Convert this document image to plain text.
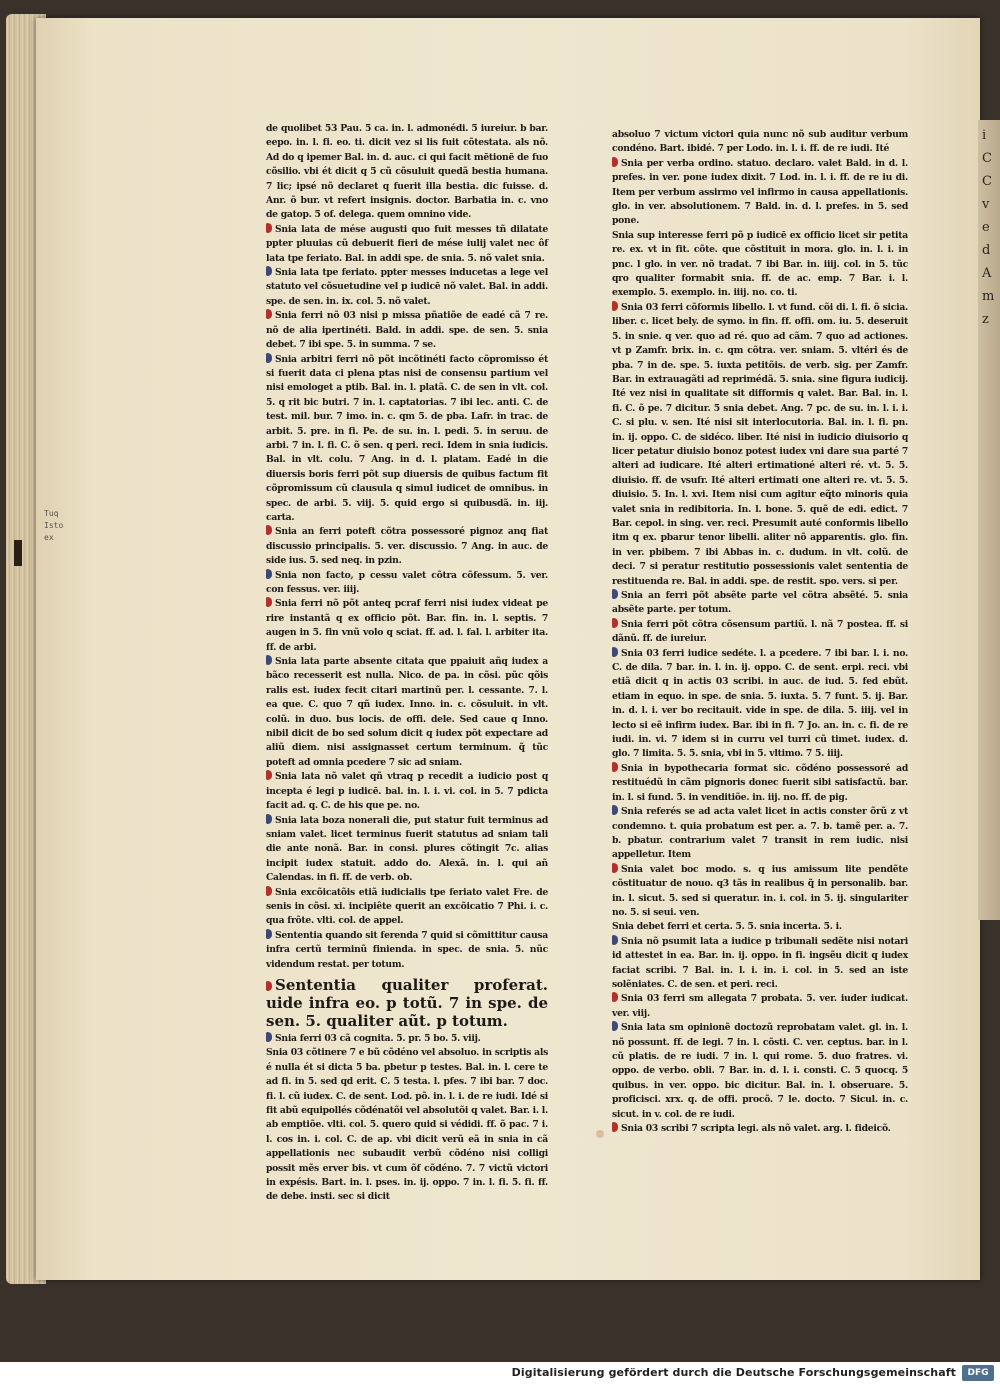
i
C
C
v
e
d
A
m
z
Tuq
Isto ex

de quolibet 53 Pau. 5 ca. in. l. admonédi. 5 iureiur. b bar. eepo. in. l. fi. eo. ti. dicit vez si lis fuit cõtestata. als nõ. Ad do q ipemer Bal. in. d. auc. ci qui facit mētionē de fuo cõsilio. vbi ét dicit q 5 cũ cõsuluit quedã bestia humana. 7 lic; ipsé nõ declaret q fuerit illa bestia. dic fuisse. d. Anr. õ bur. vt refert insignis. doctor. Barbatia in. c. vno de gatop. 5 of. delega. quem omnino vide.

Snia lata de mése augusti quo fuit messes tñ dilatate ppter pluuias cũ debuerit fieri de mése iulij valet nec ôf lata tpe feriato. Bal. in addi spe. de snia. 5. nõ valet snia.

Snia lata tpe feriato. ppter messes inducetas a lege vel statuto vel cõsuetudine vel p iudicē nõ valet. Bal. in addi. spe. de sen. in. ix. col. 5. nõ valet.

Snia ferri nõ 03 nisi p missa pñatiõe de eadé cã 7 re. nõ de alia ipertinéti. Bald. in addi. spe. de sen. 5. snia debet. 7 ibi spe. 5. in summa. 7 se.

Snia arbitri ferri nõ põt incõtinéti facto cõpromisso ét si fuerit data ci plena ptas nisi de consensu partium vel nisi emologet a ptib. Bal. in. l. platã. C. de sen in vlt. col. 5. q rit bic butri. 7 in. l. captatorias. 7 ibi lec. anti. C. de test. mil. bur. 7 imo. in. c. qm 5. de pba. Lafr. in trac. de arbit. 5. pre. in fi. Pe. de su. in. l. pedi. 5. in seruu. de arbi. 7 in. l. fi. C. õ sen. q peri. reci. Idem in snia iudicis. Bal. in vlt. colu. 7 Ang. in d. l. platam. Eadé in die diuersis boris ferri põt sup diuersis de quibus factum fit cõpromissum cũ clausula q simul iudicet de omnibus. in spec. de arbi. 5. viij. 5. quid ergo si quibusdã. in. iij. carta.

Snia an ferri poteft cõtra possessoré pignoz anq fiat discussio principalis. 5. ver. discussio. 7 Ang. in auc. de side ius. 5. sed neq. in pzin.

Snia non facto, p cessu valet cõtra cõfessum. 5. ver. con fessus. ver. iiij.

Snia ferri nõ põt anteq pcraf ferri nisi iudex videat pe rire instantã q ex officio põt. Bar. fin. in. l. septis. 7 augen in 5. fin vnũ volo q sciat. ff. ad. l. fal. l. arbiter ita. ff. de arbi.

Snia lata parte absente citata que ppaiuit añq iudex a bãco recesserit est nulla. Nico. de pa. in cõsi. pũc qõis ralis est. iudex fecit citari martinũ per. l. cessante. 7. l. ea que. C. quo 7 qñ iudex. Inno. in. c. cõsuluit. in vlt. colũ. in duo. bus locis. de offi. dele. Sed caue q Inno. nibil dicit de bo sed solum dicit q iudex põt expectare ad aliũ diem. nisi assignasset certum terminum. q̃ tũc poteft ad omnia pcedere 7 sic ad sniam.

Snia lata nõ valet qñ vtraq p recedit a iudicio post q incepta é legi p iudicē. bal. in. l. i. vi. col. in 5. 7 pdicta facit ad. q. C. de his que pe. no.

Snia lata boza nonerali die, put statur fuit terminus ad sniam valet. licet terminus fuerit statutus ad sniam tali die ante nonã. Bar. in consi. plures cõtingit 7c. alias incipit iudex statuit. addo do. Alexã. in. l. qui añ Calendas. in fi. ff. de verb. ob.

Snia excõicatõis etiã iudicialis tpe feriato valet Fre. de senis in cõsi. xi. incipiête querit an excõicatio 7 Phi. i. c. qua frõte. vlti. col. de appel.

Sententia quando sit ferenda 7 quid si cõmittitur causa infra certũ terminũ finienda. in spec. de snia. 5. nũc videndum restat. per totum.

Sententia qualiter proferat. uide infra eo. p totũ. 7 in spe. de sen. 5. qualiter aũt. p totum.

Snia ferri 03 cã cognita. 5. pr. 5 bo. 5. viij.

Snia 03 cõtinere 7 e bũ cõdéno vel absoluo. in scriptis als é nulla ét si dicta 5 ba. pbetur p testes. Bal. in. l. cere te ad fi. in 5. sed qd erit. C. 5 testa. l. pfes. 7 ibi bar. 7 doc. fi. l. cũ iudex. C. de sent. Lod. põ. in. l. i. de re iudi. Idé si fit abũ equipollés cõdénatõi vel absolutõi q valet. Bar. i. l. ab emptiõe. vlti. col. 5. quero quid si védidi. ff. õ pac. 7 i. l. cos in. i. col. C. de ap. vbi dicit verũ eã in snia in cã appellationis nec subaudit verbũ cõdéno nisi colligi possit mẽs erver bis. vt cum õf cõdéno. 7. 7 victũ victori in expésis. Bart. in. l. pses. in. ij. oppo. 7 in. l. fi. 5. fi. ff. de debe. insti. sec si dicit

absoluo 7 victum victori quia nunc nõ sub auditur verbum condéno. Bart. ibidé. 7 per Lodo. in. l. i. ff. de re iudi. Ité

Snia per verba ordino. statuo. declaro. valet Bald. in d. l. prefes. in ver. pone iudex dixit. 7 Lod. in. l. i. ff. de re iu di. Item per verbum assirmo vel infirmo in causa appellationis. glo. in ver. absolutionem. 7 Bald. in. d. l. prefes. in 5. sed pone.

Snia sup interesse ferri põ p iudicē ex officio licet sir petita re. ex. vt in fit. cõte. que cõstituit in mora. glo. in. l. i. in pnc. l glo. in ver. nõ tradat. 7 ibi Bar. in. iiij. col. in 5. tũc qro qualiter formabit snia. ff. de ac. emp. 7 Bar. i. l. exemplo. 5. exemplo. in. iiij. no. co. ti.

Snia 03 ferri cõformis libello. l. vt fund. cõi di. l. fi. õ sicia. liber. c. licet bely. de symo. in fin. ff. offi. om. iu. 5. deseruit 5. in snie. q ver. quo ad ré. quo ad cãm. 7 quo ad actiones. vt p Zamfr. brix. in. c. qm cõtra. ver. sniam. 5. vltéri és de pba. 7 in de. spe. 5. iuxta petitõis. de verb. sig. per Zamfr. Bar. in extrauagãti ad reprimédã. 5. snia. sine figura iudicij. Ité vez nisi in qualitate sit difformis q valet. Bar. Bal. in. l. fi. C. õ pe. 7 dicitur. 5 snia debet. Ang. 7 pc. de su. in. l. i. i. C. si plu. v. sen. Ité nisi sit interlocutoria. Bal. in. l. fi. pn. in. ij. oppo. C. de sidéco. liber. Ité nisi in iudicio diuisorio q licer petatur diuisio bonoz potest iudex vni dare sua parté 7 alteri ad iudicare. Ité alteri ertimationé alteri ré. vt. 5. 5. diuisio. ff. de vsufr. Ité alteri ertimati one alteri re. vt. 5. 5. diuisio. 5. In. l. xvi. Item nisi cum agitur eq̃to minoris quia valet snia in redibitoria. In. l. bone. 5. quẽ de edi. edict. 7 Bar. cepol. in sing. ver. reci. Presumit auté conformis libello itm q ex. pbarur tenor libelli. aliter nõ apparentis. glo. fin. in ver. pbibem. 7 ibi Abbas in. c. dudum. in vlt. colũ. de deci. 7 si peratur restitutio possessionis valet sententia de restituenda re. Bal. in addi. spe. de restit. spo. vers. si per.

Snia an ferri põt absẽte parte vel cõtra absẽté. 5. snia absẽte parte. per totum.

Snia ferri põt cõtra cõsensum partiũ. l. nã 7 postea. ff. si dãnũ. ff. de iureiur.

Snia 03 ferri iudice sedéte. l. a pcedere. 7 ibi bar. l. i. no. C. de dila. 7 bar. in. l. in. ij. oppo. C. de sent. erpi. reci. vbi etiã dicit q in actis 03 scribi. in auc. de iud. 5. fed ebũt. etiam in equo. in spe. de snia. 5. iuxta. 5. 7 funt. 5. ij. Bar. in. d. l. i. ver bo recitauit. vide in spe. de dila. 5. iiij. vel in lecto si eẽ infirm iudex. Bar. ibi in fi. 7 Jo. an. in. c. fi. de re iudi. in. vi. 7 idem si in curru vel turri cũ timet. iudex. d. glo. 7 limita. 5. 5. snia, vbi in 5. vltimo. 7 5. iiij.

Snia in bypothecaria format sic. cõdéno possessoré ad restituédũ in cãm pignoris donec fuerit sibi satisfactũ. bar. in. l. si fund. 5. in venditiõe. in. iij. no. ff. de pig.

Snia referés se ad acta valet licet in actis conster õrũ z vt condemno. t. quia probatum est per. a. 7. b. tamẽ per. a. 7. b. pbatur. contrarium valet 7 transit in rem iudic. nisi appelletur. Item

Snia valet boc modo. s. q ius amissum lite pendẽte cõstituatur de nouo. q3 tãs in realibus q̃ in personalib. bar. in. l. sicut. 5. sed si queratur. in. i. col. in 5. ij. singulariter no. 5. si seui. ven.

Snia debet ferri et certa. 5. 5. snia incerta. 5. i.

Snia nõ psumit lata a iudice p tribunali sedẽte nisi notari id attestet in ea. Bar. in. ij. oppo. in fi. ingsẽu dicit q iudex faciat scribi. 7 Bal. in. l. i. in. i. col. in 5. sed an iste solẽniates. C. de sen. et peri. reci.

Snia 03 ferri sm allegata 7 probata. 5. ver. iuder iudicat. ver. viij.

Snia lata sm opinionẽ doctozũ reprobatam valet. gl. in. l. nõ possunt. ff. de legi. 7 in. l. cõsti. C. ver. ceptus. bar. in l. cũ platis. de re iudi. 7 in. l. qui rome. 5. duo fratres. vi. oppo. de verbo. obli. 7 Bar. in. d. l. i. consti. C. 5 quocq. 5 quibus. in ver. oppo. bic dicitur. Bal. in. l. obseruare. 5. proficisci. xrx. q. de offi. procõ. 7 le. docto. 7 Sicul. in. c. sicut. in v. col. de re iudi.

Snia 03 scribi 7 scripta legi. als nõ valet. arg. l. fideicõ.

Digitalisierung gefördert durch die Deutsche Forschungsgemeinschaft	DFG
